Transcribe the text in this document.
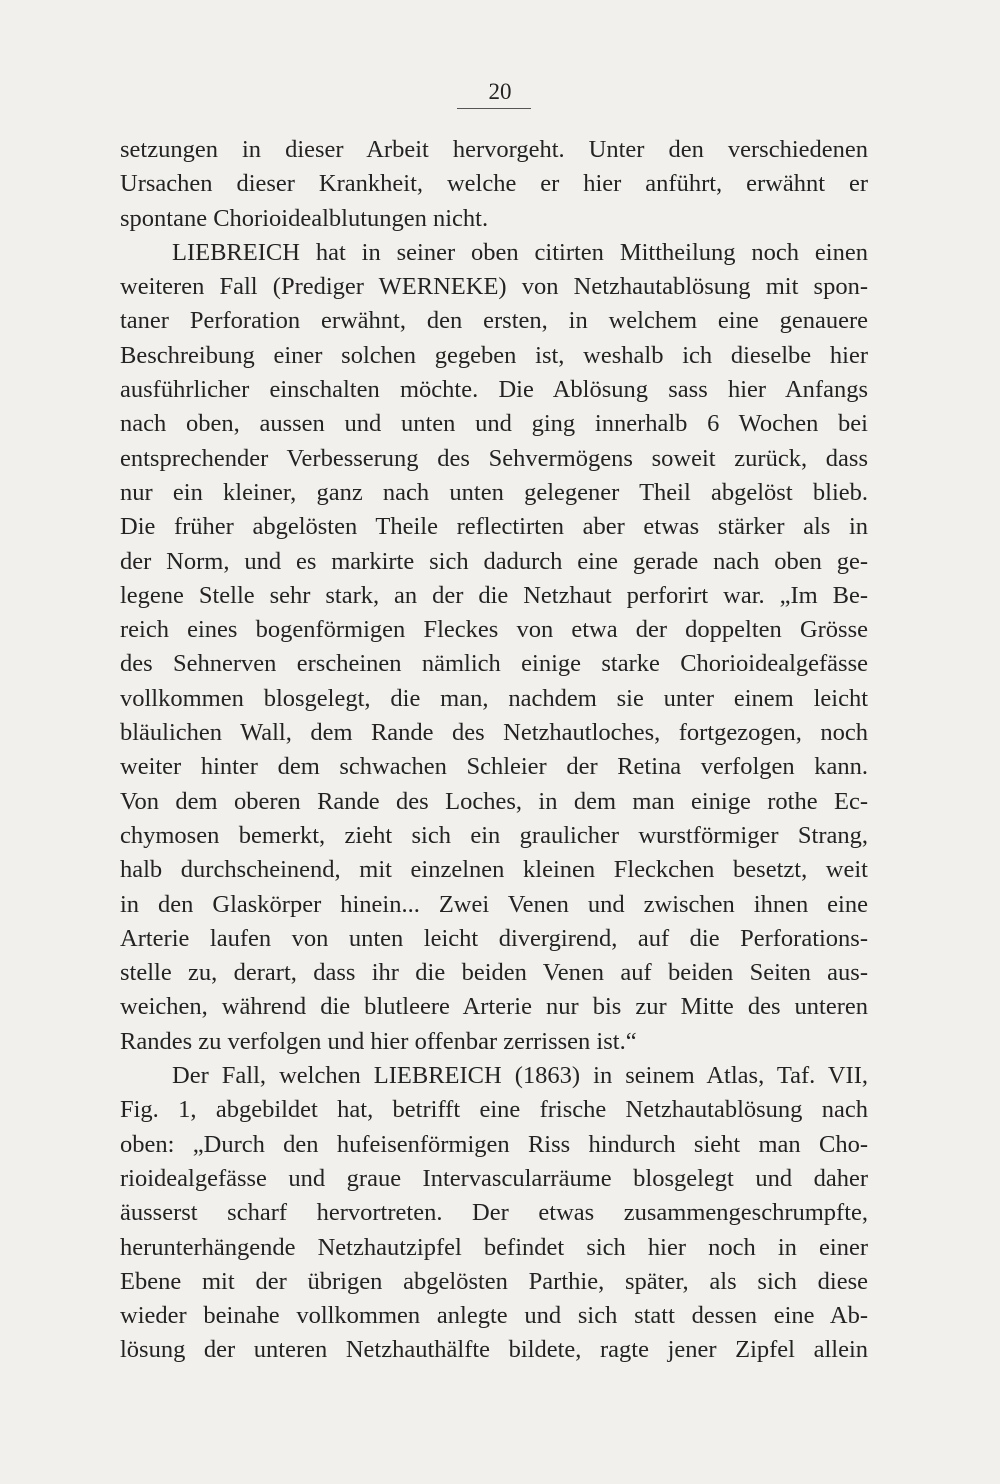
20
setzungen in dieser Arbeit hervorgeht. Unter den verschiedenen
Ursachen dieser Krankheit, welche er hier anführt, erwähnt er
spontane Chorioidealblutungen nicht.
LIEBREICH hat in seiner oben citirten Mittheilung noch einen
weiteren Fall (Prediger WERNEKE) von Netzhautablösung mit spon-
taner Perforation erwähnt, den ersten, in welchem eine genauere
Beschreibung einer solchen gegeben ist, weshalb ich dieselbe hier
ausführlicher einschalten möchte. Die Ablösung sass hier Anfangs
nach oben, aussen und unten und ging innerhalb 6 Wochen bei
entsprechender Verbesserung des Sehvermögens soweit zurück, dass
nur ein kleiner, ganz nach unten gelegener Theil abgelöst blieb.
Die früher abgelösten Theile reflectirten aber etwas stärker als in
der Norm, und es markirte sich dadurch eine gerade nach oben ge-
legene Stelle sehr stark, an der die Netzhaut perforirt war. „Im Be-
reich eines bogenförmigen Fleckes von etwa der doppelten Grösse
des Sehnerven erscheinen nämlich einige starke Chorioidealgefässe
vollkommen blosgelegt, die man, nachdem sie unter einem leicht
bläulichen Wall, dem Rande des Netzhautloches, fortgezogen, noch
weiter hinter dem schwachen Schleier der Retina verfolgen kann.
Von dem oberen Rande des Loches, in dem man einige rothe Ec-
chymosen bemerkt, zieht sich ein graulicher wurstförmiger Strang,
halb durchscheinend, mit einzelnen kleinen Fleckchen besetzt, weit
in den Glaskörper hinein... Zwei Venen und zwischen ihnen eine
Arterie laufen von unten leicht divergirend, auf die Perforations-
stelle zu, derart, dass ihr die beiden Venen auf beiden Seiten aus-
weichen, während die blutleere Arterie nur bis zur Mitte des unteren
Randes zu verfolgen und hier offenbar zerrissen ist.“
Der Fall, welchen LIEBREICH (1863) in seinem Atlas, Taf. VII,
Fig. 1, abgebildet hat, betrifft eine frische Netzhautablösung nach
oben: „Durch den hufeisenförmigen Riss hindurch sieht man Cho-
rioidealgefässe und graue Intervascularräume blosgelegt und daher
äusserst scharf hervortreten. Der etwas zusammengeschrumpfte,
herunterhängende Netzhautzipfel befindet sich hier noch in einer
Ebene mit der übrigen abgelösten Parthie, später, als sich diese
wieder beinahe vollkommen anlegte und sich statt dessen eine Ab-
lösung der unteren Netzhauthälfte bildete, ragte jener Zipfel allein
